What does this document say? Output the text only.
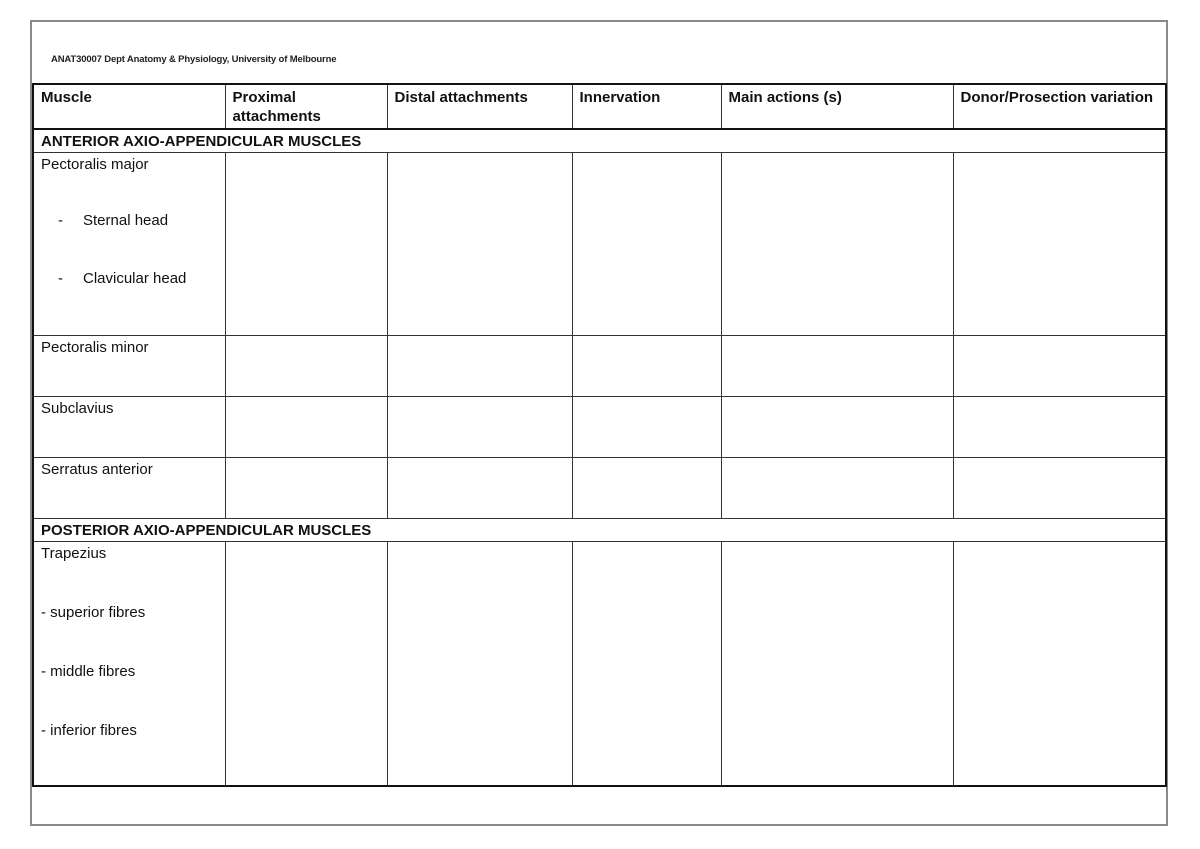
ANAT30007 Dept Anatomy & Physiology, University of Melbourne
Muscle	Proximal attachments	Distal attachments	Innervation	Main actions (s)	Donor/Prosection variation
ANTERIOR AXIO-APPENDICULAR MUSCLES					

Pectoralis major
- Sternal head
- Clavicular head					

Pectoralis minor					
Subclavius					
Serratus anterior					
POSTERIOR AXIO-APPENDICULAR MUSCLES					

Trapezius
- superior fibres
- middle fibres
- inferior fibres					
